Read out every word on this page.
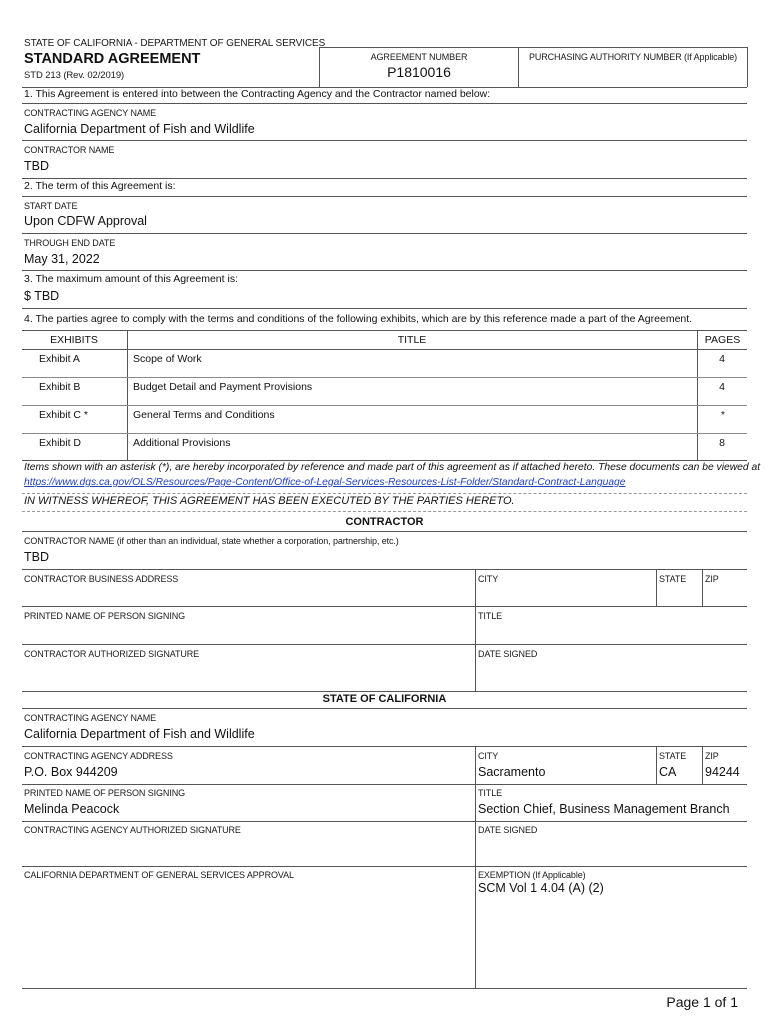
STATE OF CALIFORNIA - DEPARTMENT OF GENERAL SERVICES
STANDARD AGREEMENT
STD 213 (Rev. 02/2019)
AGREEMENT NUMBER
P1810016
PURCHASING AUTHORITY NUMBER (If Applicable)
1. This Agreement is entered into between the Contracting Agency and the Contractor named below:
CONTRACTING AGENCY NAME
California Department of Fish and Wildlife
CONTRACTOR NAME
TBD
2. The term of this Agreement is:
START DATE
Upon CDFW Approval
THROUGH END DATE
May 31, 2022
3. The maximum amount of this Agreement is:
$ TBD
4. The parties agree to comply with the terms and conditions of the following exhibits, which are by this reference made a part of the Agreement.
EXHIBITS	TITLE	PAGES
Exhibit A	Scope of Work	4
Exhibit B	Budget Detail and Payment Provisions	4
Exhibit C *	General Terms and Conditions	*
Exhibit D	Additional Provisions	8
Items shown with an asterisk (*), are hereby incorporated by reference and made part of this agreement as if attached hereto. These documents can be viewed at
https://www.dgs.ca.gov/OLS/Resources/Page-Content/Office-of-Legal-Services-Resources-List-Folder/Standard-Contract-Language
IN WITNESS WHEREOF, THIS AGREEMENT HAS BEEN EXECUTED BY THE PARTIES HERETO.
CONTRACTOR
CONTRACTOR NAME (if other than an individual, state whether a corporation, partnership, etc.)
TBD
CONTRACTOR BUSINESS ADDRESS	CITY	STATE ZIP
PRINTED NAME OF PERSON SIGNING	TITLE
CONTRACTOR AUTHORIZED SIGNATURE	DATE SIGNED
STATE OF CALIFORNIA
CONTRACTING AGENCY NAME
California Department of Fish and Wildlife
CONTRACTING AGENCY ADDRESS
P.O. Box 944209
CITY
Sacramento
STATE
CA
ZIP
94244
PRINTED NAME OF PERSON SIGNING
Melinda Peacock
TITLE
Section Chief, Business Management Branch
CONTRACTING AGENCY AUTHORIZED SIGNATURE	DATE SIGNED
CALIFORNIA DEPARTMENT OF GENERAL SERVICES APPROVAL	EXEMPTION (If Applicable)
SCM Vol 1 4.04 (A) (2)
Page 1 of 1
